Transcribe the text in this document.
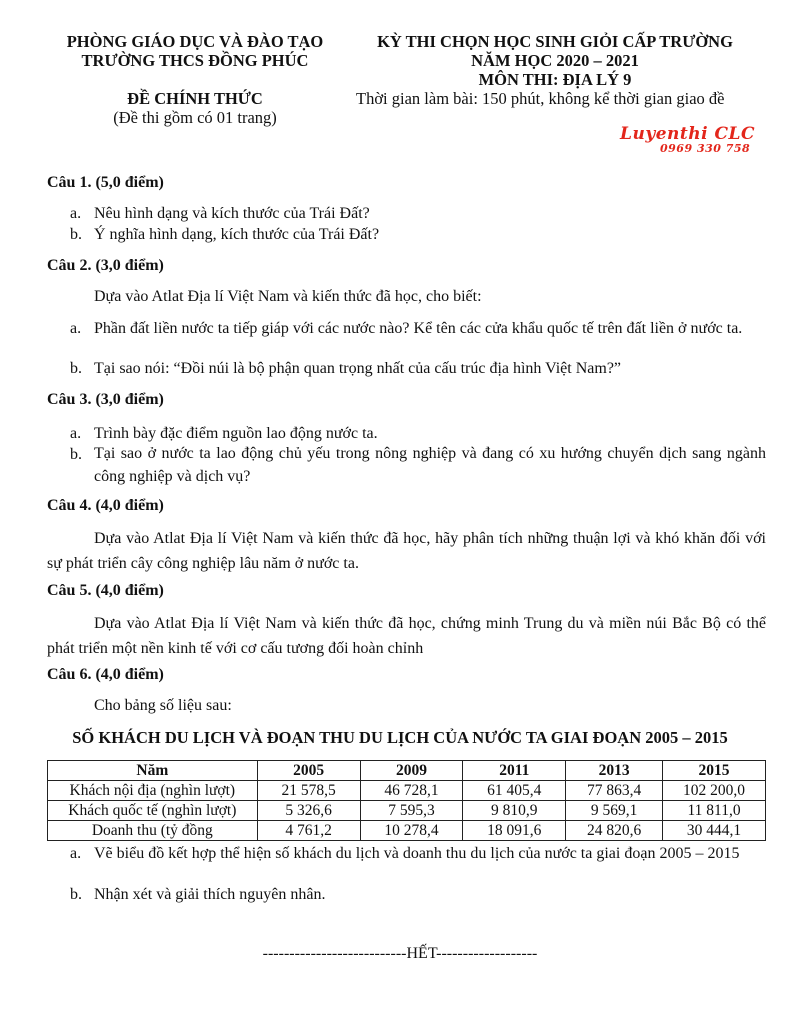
PHÒNG GIÁO DỤC VÀ ĐÀO TẠO
TRƯỜNG THCS ĐỒNG PHÚC
ĐỀ CHÍNH THỨC
(Đề thi gồm có 01 trang)
KỲ THI CHỌN HỌC SINH GIỎI CẤP TRƯỜNG
NĂM HỌC 2020 – 2021
MÔN THI: ĐỊA LÝ 9
Thời gian làm bài: 150 phút, không kể thời gian giao đề
Luyenthi CLC
0969 330 758
Câu 1. (5,0 điểm)
a. Nêu hình dạng và kích thước của Trái Đất?
b. Ý nghĩa hình dạng, kích thước của Trái Đất?
Câu 2. (3,0 điểm)
Dựa vào Atlat Địa lí Việt Nam và kiến thức đã học, cho biết:
a. Phần đất liền nước ta tiếp giáp với các nước nào? Kể tên các cửa khẩu quốc tế trên đất liền ở nước ta.
b. Tại sao nói: “Đồi núi là bộ phận quan trọng nhất của cấu trúc địa hình Việt Nam?”
Câu 3. (3,0 điểm)
a. Trình bày đặc điểm nguồn lao động nước ta.
b. Tại sao ở nước ta lao động chủ yếu trong nông nghiệp và đang có xu hướng chuyển dịch sang ngành công nghiệp và dịch vụ?
Câu 4. (4,0 điểm)
Dựa vào Atlat Địa lí Việt Nam và kiến thức đã học, hãy phân tích những thuận lợi và khó khăn đối với sự phát triển cây công nghiệp lâu năm ở nước ta.
Câu 5. (4,0 điểm)
Dựa vào Atlat Địa lí Việt Nam và kiến thức đã học, chứng minh Trung du và miền núi Bắc Bộ có thể phát triển một nền kinh tế với cơ cấu tương đối hoàn chỉnh
Câu 6. (4,0 điểm)
Cho bảng số liệu sau:
SỐ KHÁCH DU LỊCH VÀ ĐOẠN THU DU LỊCH CỦA NƯỚC TA GIAI ĐOẠN 2005 – 2015
Năm	2005	2009	2011	2013	2015
Khách nội địa (nghìn lượt)	21 578,5	46 728,1	61 405,4	77 863,4	102 200,0
Khách quốc tế (nghìn lượt)	5 326,6	7 595,3	9 810,9	9 569,1	11 811,0
Doanh thu (tỷ đồng	4 761,2	10 278,4	18 091,6	24 820,6	30 444,1
a. Vẽ biểu đồ kết hợp thể hiện số khách du lịch và doanh thu du lịch của nước ta giai đoạn 2005 – 2015
b. Nhận xét và giải thích nguyên nhân.
---------------------------HẾT-------------------
